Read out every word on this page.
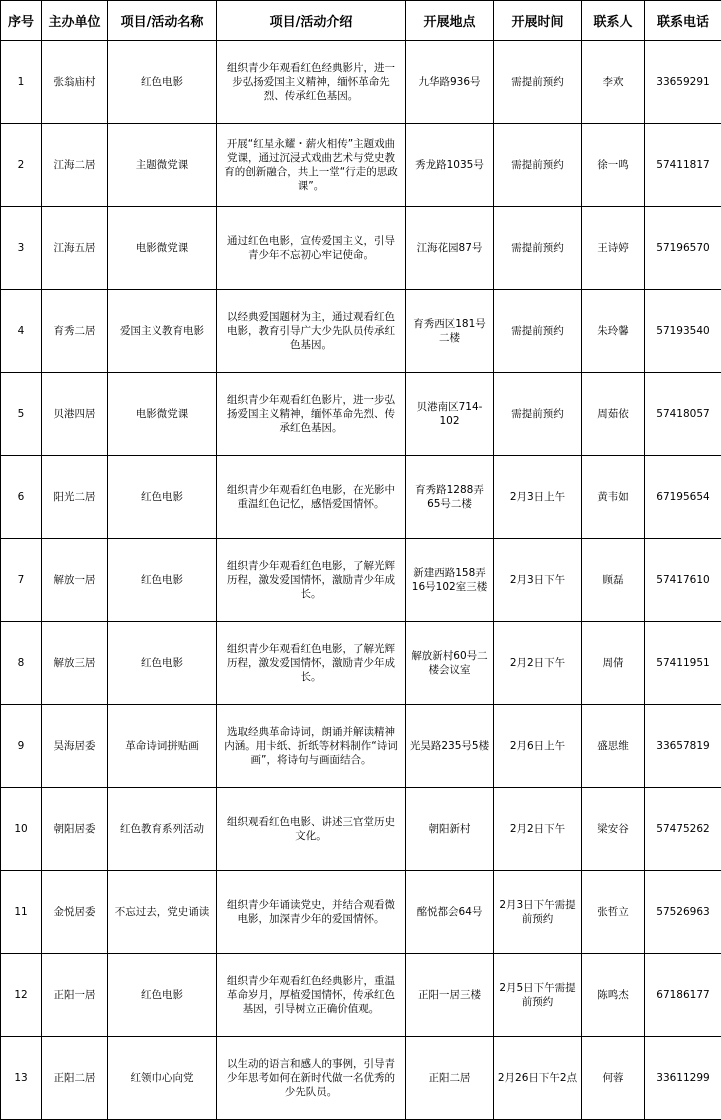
序号	主办单位	项目/活动名称	项目/活动介绍	开展地点	开展时间	联系人	联系电话
1	张翁庙村	红色电影	组织青少年观看红色经典影片，进一步弘扬爱国主义精神，缅怀革命先烈、传承红色基因。	九华路936号	需提前预约	李欢	33659291
2	江海二居	主题微党课	开展“红星永耀・薪火相传”主题戏曲党课，通过沉浸式戏曲艺术与党史教育的创新融合，共上一堂“行走的思政课”。	秀龙路1035号	需提前预约	徐一鸣	57411817
3	江海五居	电影微党课	通过红色电影，宣传爱国主义，引导青少年不忘初心牢记使命。	江海花园87号	需提前预约	王诗婷	57196570
4	育秀二居	爱国主义教育电影	以经典爱国题材为主，通过观看红色电影，教育引导广大少先队员传承红色基因。	育秀西区181号二楼	需提前预约	朱玲馨	57193540
5	贝港四居	电影微党课	组织青少年观看红色影片，进一步弘扬爱国主义精神，缅怀革命先烈、传承红色基因。	贝港南区714-102	需提前预约	周茹依	57418057
6	阳光二居	红色电影	组织青少年观看红色电影，在光影中重温红色记忆，感悟爱国情怀。	育秀路1288弄65号二楼	2月3日上午	黄韦如	67195654
7	解放一居	红色电影	组织青少年观看红色电影，了解光辉历程，激发爱国情怀，激励青少年成长。	新建西路158弄16号102室三楼	2月3日下午	顾磊	57417610
8	解放三居	红色电影	组织青少年观看红色电影，了解光辉历程，激发爱国情怀，激励青少年成长。	解放新村60号二楼会议室	2月2日下午	周倩	57411951
9	昊海居委	革命诗词拼贴画	选取经典革命诗词，朗诵并解读精神内涵。用卡纸、折纸等材料制作“诗词画”，将诗句与画面结合。	光昊路235号5楼	2月6日上午	盛思维	33657819
10	朝阳居委	红色教育系列活动	组织观看红色电影、讲述三官堂历史文化。	朝阳新村	2月2日下午	梁安谷	57475262
11	金悦居委	不忘过去，党史诵读	组织青少年诵读党史，并结合观看微电影，加深青少年的爱国情怀。	酩悦都会64号	2月3日下午需提前预约	张哲立	57526963
12	正阳一居	红色电影	组织青少年观看红色经典影片，重温革命岁月，厚植爱国情怀，传承红色基因，引导树立正确价值观。	正阳一居三楼	2月5日下午需提前预约	陈鸣杰	67186177
13	正阳二居	红领巾心向党	以生动的语言和感人的事例，引导青少年思考如何在新时代做一名优秀的少先队员。	正阳二居	2月26日下午2点	何蓉	33611299
